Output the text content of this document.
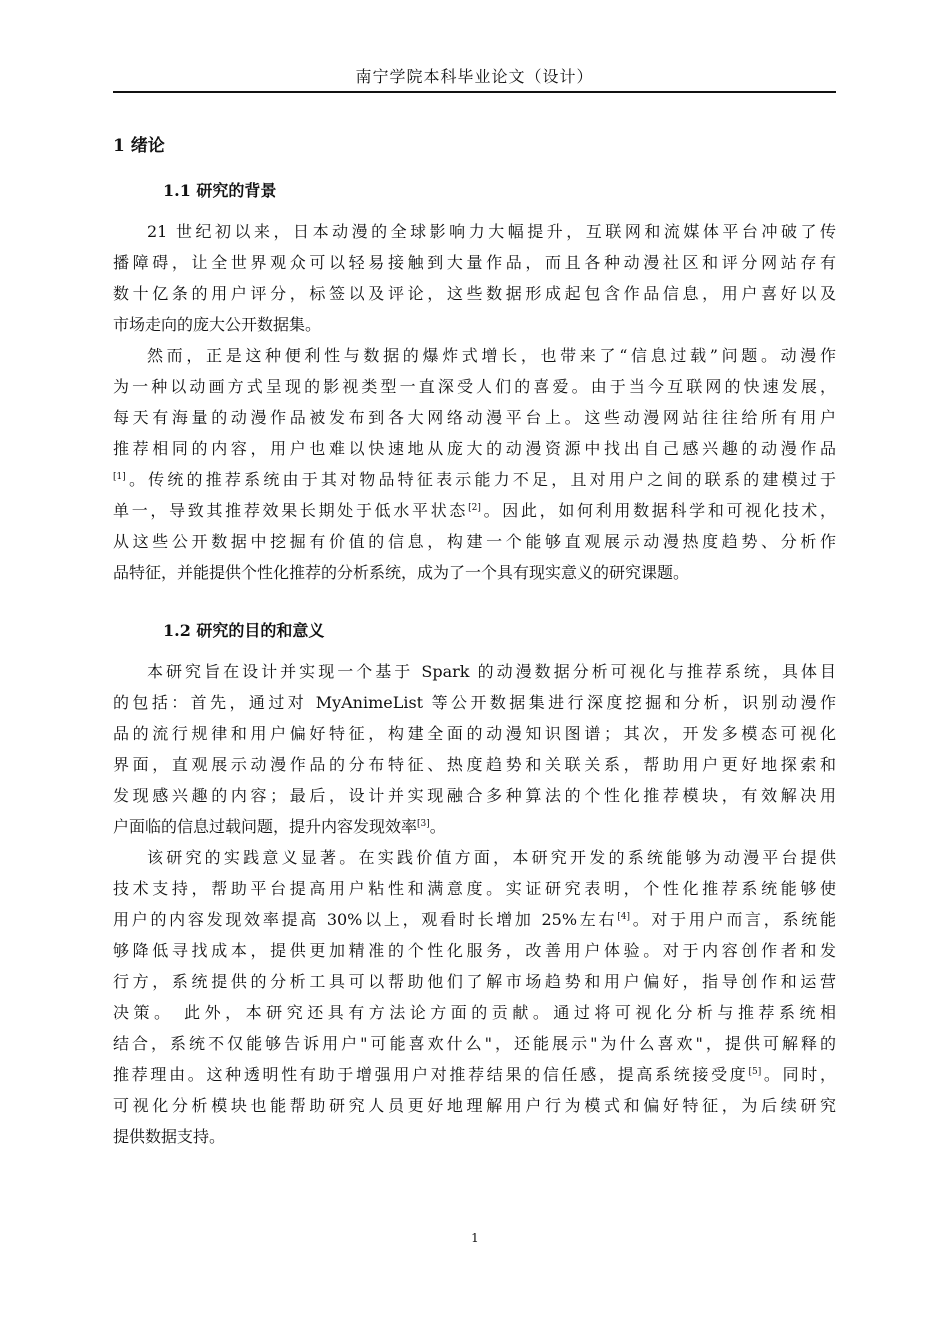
南宁学院本科毕业论文（设计）
1 绪论
1.1 研究的背景
21 世纪初以来，日本动漫的全球影响力大幅提升，互联网和流媒体平台冲破了传
播障碍，让全世界观众可以轻易接触到大量作品，而且各种动漫社区和评分网站存有
数十亿条的用户评分，标签以及评论，这些数据形成起包含作品信息，用户喜好以及
市场走向的庞大公开数据集。
然而，正是这种便利性与数据的爆炸式增长，也带来了“信息过载”问题。动漫作
为一种以动画方式呈现的影视类型一直深受人们的喜爱。由于当今互联网的快速发展，
每天有海量的动漫作品被发布到各大网络动漫平台上。这些动漫网站往往给所有用户
推荐相同的内容，用户也难以快速地从庞大的动漫资源中找出自己感兴趣的动漫作品
[1]。传统的推荐系统由于其对物品特征表示能力不足，且对用户之间的联系的建模过于
单一，导致其推荐效果长期处于低水平状态[2]。因此，如何利用数据科学和可视化技术，
从这些公开数据中挖掘有价值的信息，构建一个能够直观展示动漫热度趋势、分析作
品特征，并能提供个性化推荐的分析系统，成为了一个具有现实意义的研究课题。
1.2 研究的目的和意义
本研究旨在设计并实现一个基于 Spark 的动漫数据分析可视化与推荐系统，具体目
的包括：首先，通过对 MyAnimeList 等公开数据集进行深度挖掘和分析，识别动漫作
品的流行规律和用户偏好特征，构建全面的动漫知识图谱；其次，开发多模态可视化
界面，直观展示动漫作品的分布特征、热度趋势和关联关系，帮助用户更好地探索和
发现感兴趣的内容；最后，设计并实现融合多种算法的个性化推荐模块，有效解决用
户面临的信息过载问题，提升内容发现效率[3]。
该研究的实践意义显著。在实践价值方面，本研究开发的系统能够为动漫平台提供
技术支持，帮助平台提高用户粘性和满意度。实证研究表明，个性化推荐系统能够使
用户的内容发现效率提高 30%以上，观看时长增加 25%左右[4]。对于用户而言，系统能
够降低寻找成本，提供更加精准的个性化服务，改善用户体验。对于内容创作者和发
行方，系统提供的分析工具可以帮助他们了解市场趋势和用户偏好，指导创作和运营
决策。 此外，本研究还具有方法论方面的贡献。通过将可视化分析与推荐系统相
结合，系统不仅能够告诉用户"可能喜欢什么"，还能展示"为什么喜欢"，提供可解释的
推荐理由。这种透明性有助于增强用户对推荐结果的信任感，提高系统接受度[5]。同时，
可视化分析模块也能帮助研究人员更好地理解用户行为模式和偏好特征，为后续研究
提供数据支持。
1
